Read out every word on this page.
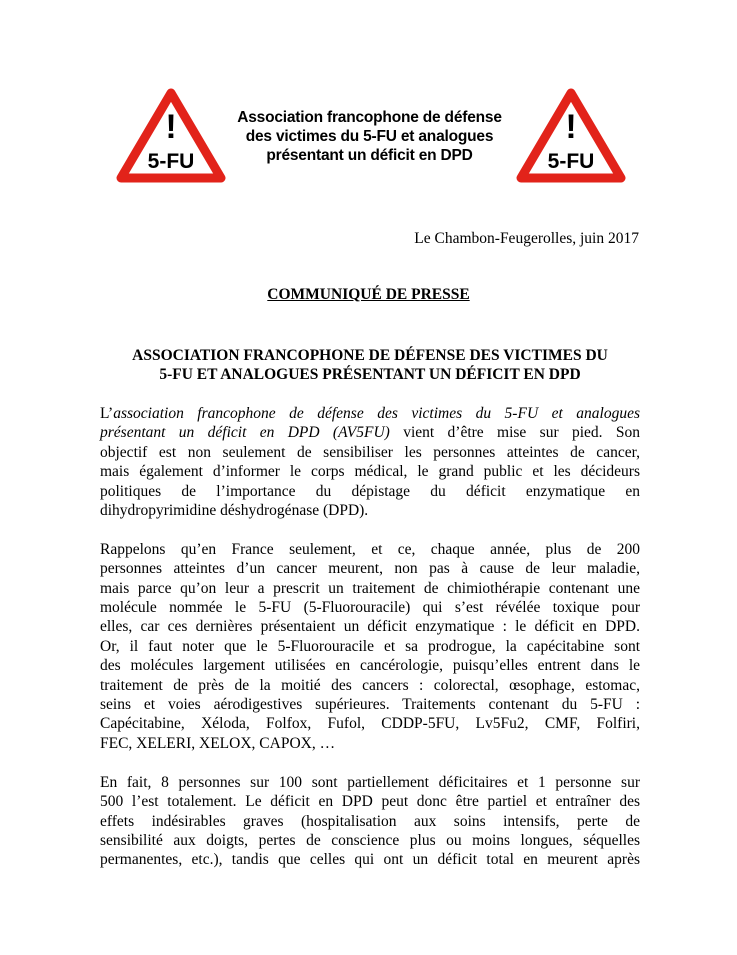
!
5-FU
Association francophone de défense
des victimes du 5-FU et analogues
présentant un déficit en DPD
!
5-FU
Le Chambon-Feugerolles, juin 2017
COMMUNIQUÉ DE PRESSE
ASSOCIATION FRANCOPHONE DE DÉFENSE DES VICTIMES DU
5-FU ET ANALOGUES PRÉSENTANT UN DÉFICIT EN DPD

L’association francophone de défense des victimes du 5-FU et analogues
présentant un déficit en DPD (AV5FU) vient d’être mise sur pied. Son
objectif est non seulement de sensibiliser les personnes atteintes de cancer,
mais également d’informer le corps médical, le grand public et les décideurs
politiques de l’importance du dépistage du déficit enzymatique en
dihydropyrimidine déshydrogénase (DPD).

Rappelons qu’en France seulement, et ce, chaque année, plus de 200
personnes atteintes d’un cancer meurent, non pas à cause de leur maladie,
mais parce qu’on leur a prescrit un traitement de chimiothérapie contenant une
molécule nommée le 5-FU (5-Fluorouracile) qui s’est révélée toxique pour
elles, car ces dernières présentaient un déficit enzymatique : le déficit en DPD.
Or, il faut noter que le 5-Fluorouracile et sa prodrogue, la capécitabine sont
des molécules largement utilisées en cancérologie, puisqu’elles entrent dans le
traitement de près de la moitié des cancers : colorectal, œsophage, estomac,
seins et voies aérodigestives supérieures. Traitements contenant du 5-FU :
Capécitabine, Xéloda, Folfox, Fufol, CDDP-5FU, Lv5Fu2, CMF, Folfiri,
FEC, XELERI, XELOX, CAPOX, …

En fait, 8 personnes sur 100 sont partiellement déficitaires et 1 personne sur
500 l’est totalement. Le déficit en DPD peut donc être partiel et entraîner des
effets indésirables graves (hospitalisation aux soins intensifs, perte de
sensibilité aux doigts, pertes de conscience plus ou moins longues, séquelles
permanentes, etc.), tandis que celles qui ont un déficit total en meurent après
